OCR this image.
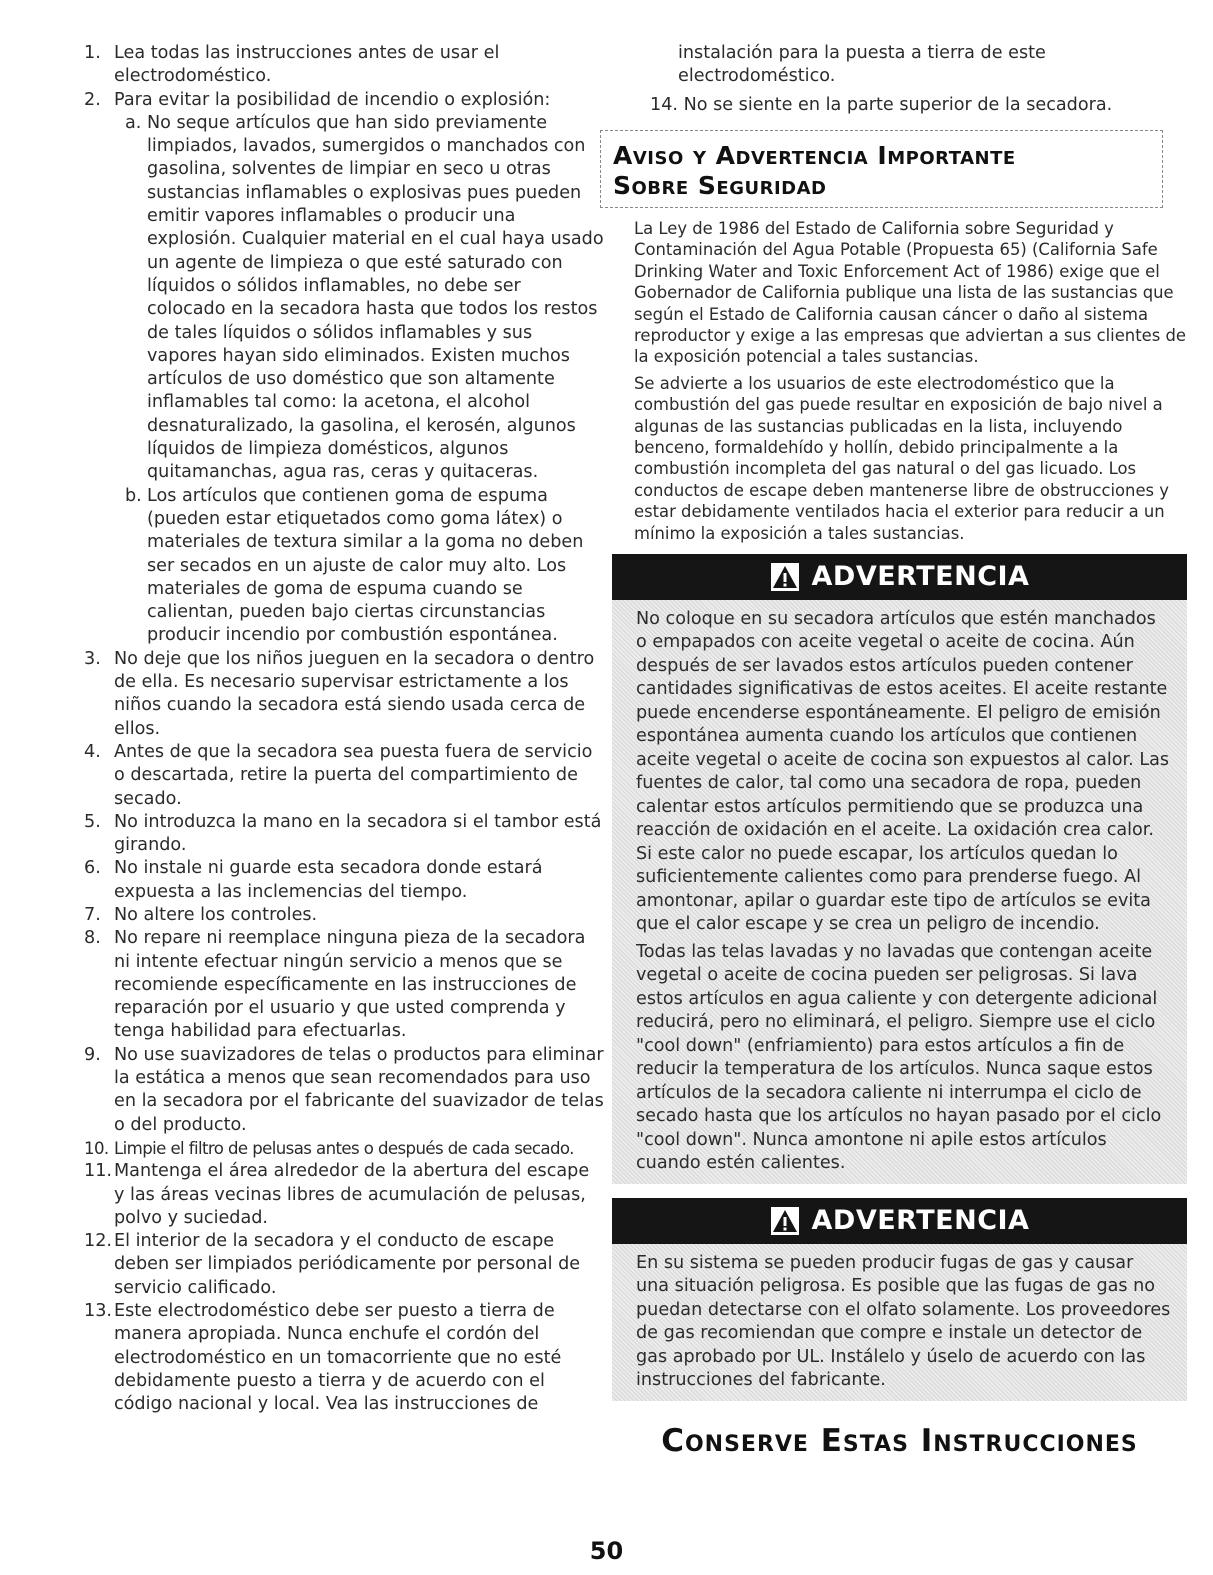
1. Lea todas las instrucciones antes de usar el electrodoméstico.

2. Para evitar la posibilidad de incendio o explosión:

a. No seque artículos que han sido previamente limpiados, lavados, sumergidos o manchados con gasolina, solventes de limpiar en seco u otras sustancias inflamables o explosivas pues pueden emitir vapores inflamables o producir una explosión. Cualquier material en el cual haya usado un agente de limpieza o que esté saturado con líquidos o sólidos inflamables, no debe ser colocado en la secadora hasta que todos los restos de tales líquidos o sólidos inflamables y sus vapores hayan sido eliminados. Existen muchos artículos de uso doméstico que son altamente inflamables tal como: la acetona, el alcohol desnaturalizado, la gasolina, el kerosén, algunos líquidos de limpieza domésticos, algunos quitamanchas, agua ras, ceras y quitaceras.

b. Los artículos que contienen goma de espuma (pueden estar etiquetados como goma látex) o materiales de textura similar a la goma no deben ser secados en un ajuste de calor muy alto. Los materiales de goma de espuma cuando se calientan, pueden bajo ciertas circunstancias producir incendio por combustión espontánea.

3. No deje que los niños jueguen en la secadora o dentro de ella. Es necesario supervisar estrictamente a los niños cuando la secadora está siendo usada cerca de ellos.

4. Antes de que la secadora sea puesta fuera de servicio o descartada, retire la puerta del compartimiento de secado.

5. No introduzca la mano en la secadora si el tambor está girando.

6. No instale ni guarde esta secadora donde estará expuesta a las inclemencias del tiempo.

7. No altere los controles.

8. No repare ni reemplace ninguna pieza de la secadora ni intente efectuar ningún servicio a menos que se recomiende específicamente en las instrucciones de reparación por el usuario y que usted comprenda y tenga habilidad para efectuarlas.

9. No use suavizadores de telas o productos para eliminar la estática a menos que sean recomendados para uso en la secadora por el fabricante del suavizador de telas o del producto.

10. Limpie el filtro de pelusas antes o después de cada secado.

11. Mantenga el área alrededor de la abertura del escape y las áreas vecinas libres de acumulación de pelusas, polvo y suciedad.

12. El interior de la secadora y el conducto de escape deben ser limpiados periódicamente por personal de servicio calificado.

13. Este electrodoméstico debe ser puesto a tierra de manera apropiada. Nunca enchufe el cordón del electrodoméstico en un tomacorriente que no esté debidamente puesto a tierra y de acuerdo con el código nacional y local. Vea las instrucciones de

instalación para la puesta a tierra de este electrodoméstico.

14. No se siente en la parte superior de la secadora.

Aviso y Advertencia Importante

Sobre Seguridad

La Ley de 1986 del Estado de California sobre Seguridad y Contaminación del Agua Potable (Propuesta 65) (California Safe Drinking Water and Toxic Enforcement Act of 1986) exige que el Gobernador de California publique una lista de las sustancias que según el Estado de California causan cáncer o daño al sistema reproductor y exige a las empresas que adviertan a sus clientes de la exposición potencial a tales sustancias.

Se advierte a los usuarios de este electrodoméstico que la combustión del gas puede resultar en exposición de bajo nivel a algunas de las sustancias publicadas en la lista, incluyendo benceno, formaldehído y hollín, debido principalmente a la combustión incompleta del gas natural o del gas licuado. Los conductos de escape deben mantenerse libre de obstrucciones y estar debidamente ventilados hacia el exterior para reducir a un mínimo la exposición a tales sustancias.

ADVERTENCIA

No coloque en su secadora artículos que estén manchados o empapados con aceite vegetal o aceite de cocina. Aún después de ser lavados estos artículos pueden contener cantidades significativas de estos aceites. El aceite restante puede encenderse espontáneamente. El peligro de emisión espontánea aumenta cuando los artículos que contienen aceite vegetal o aceite de cocina son expuestos al calor. Las fuentes de calor, tal como una secadora de ropa, pueden calentar estos artículos permitiendo que se produzca una reacción de oxidación en el aceite. La oxidación crea calor. Si este calor no puede escapar, los artículos quedan lo suficientemente calientes como para prenderse fuego. Al amontonar, apilar o guardar este tipo de artículos se evita que el calor escape y se crea un peligro de incendio.

Todas las telas lavadas y no lavadas que contengan aceite vegetal o aceite de cocina pueden ser peligrosas. Si lava estos artículos en agua caliente y con detergente adicional reducirá, pero no eliminará, el peligro. Siempre use el ciclo "cool down" (enfriamiento) para estos artículos a fin de reducir la temperatura de los artículos. Nunca saque estos artículos de la secadora caliente ni interrumpa el ciclo de secado hasta que los artículos no hayan pasado por el ciclo "cool down". Nunca amontone ni apile estos artículos cuando estén calientes.

ADVERTENCIA

En su sistema se pueden producir fugas de gas y causar una situación peligrosa. Es posible que las fugas de gas no puedan detectarse con el olfato solamente. Los proveedores de gas recomiendan que compre e instale un detector de gas aprobado por UL. Instálelo y úselo de acuerdo con las instrucciones del fabricante.

Conserve Estas Instrucciones
50
